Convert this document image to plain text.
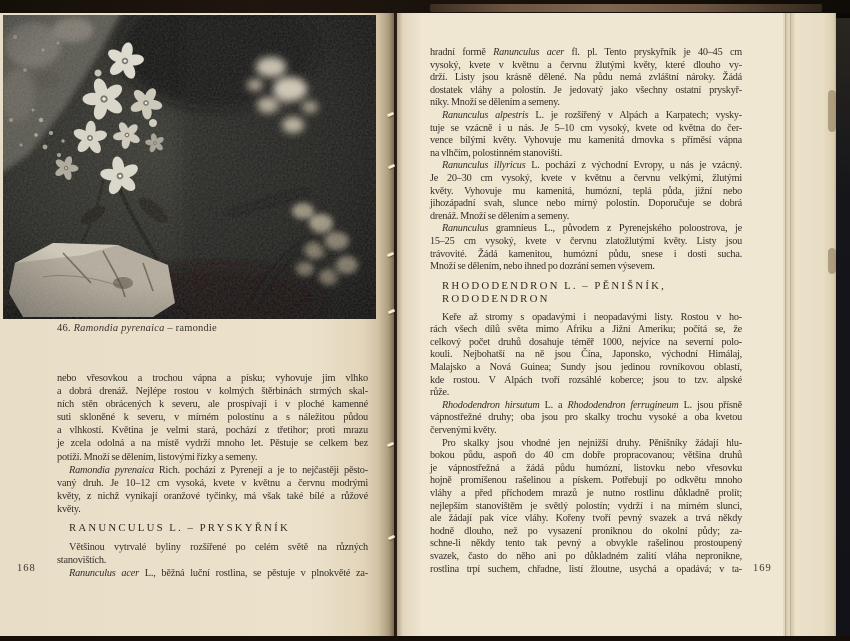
46. Ramondia pyrenaica – ramondie
nebo vřesovkou a trochou vápna a písku; vyhovuje jim vlhko
a dobrá drenáž. Nejlépe rostou v kolmých štěrbinách strmých skal-
ních stěn obrácených k severu, ale prospívají i v ploché kamenné
suti skloněné k severu, v mírném polostínu a s náležitou půdou
a vlhkostí. Květina je velmi stará, pochází z třetihor; proti mrazu
je zcela odolná a na místě vydrží mnoho let. Pěstuje se celkem bez
potíží. Množí se dělením, listovými řízky a semeny.
Ramondia pyrenaica Rich. pochází z Pyrenejí a je to nejčastěji pěsto-
vaný druh. Je 10–12 cm vysoká, kvete v květnu a červnu modrými
květy, z nichž vynikají oranžové tyčinky, má však také bílé a růžové
květy.
RANUNCULUS L. – PRYSKYŘNÍK
Většinou vytrvalé byliny rozšířené po celém světě na různých
stanovištích.
Ranunculus acer L., běžná luční rostlina, se pěstuje v plnokvěté za-
168
hradní formě Ranunculus acer fl. pl. Tento pryskyřník je 40–45 cm
vysoký, kvete v květnu a červnu žlutými květy, které dlouho vy-
drží. Listy jsou krásně dělené. Na půdu nemá zvláštní nároky. Žádá
dostatek vláhy a polostín. Je jedovatý jako všechny ostatní pryskyř-
níky. Množí se dělením a semeny.
Ranunculus alpestris L. je rozšířený v Alpách a Karpatech; vysky-
tuje se vzácně i u nás. Je 5–10 cm vysoký, kvete od května do čer-
vence bílými květy. Vyhovuje mu kamenitá drnovka s příměsí vápna
na vlhčím, polostinném stanovišti.
Ranunculus illyricus L. pochází z východní Evropy, u nás je vzácný.
Je 20–30 cm vysoký, kvete v květnu a červnu velkými, žlutými
květy. Vyhovuje mu kamenitá, humózní, teplá půda, jižní nebo
jihozápadní svah, slunce nebo mírný polostín. Doporučuje se dobrá
drenáž. Množí se dělením a semeny.
Ranunculus gramnieus L., původem z Pyrenejského poloostrova, je
15–25 cm vysoký, kvete v červnu zlatožlutými květy. Listy jsou
trávovité. Žádá kamenitou, humózní půdu, snese i dosti sucha.
Množí se dělením, nebo ihned po dozrání semen výsevem.
RHODODENDRON L. – PĚNIŠNÍK,
RODODENDRON
Keře až stromy s opadavými i neopadavými listy. Rostou v ho-
rách všech dílů světa mimo Afriku a Jižní Ameriku; počítá se, že
celkový počet druhů dosahuje téměř 1000, nejvíce na severní polo-
kouli. Nejbohatší na ně jsou Čína, Japonsko, východní Himálaj,
Malajsko a Nová Guinea; Sundy jsou jedinou rovníkovou oblastí,
kde rostou. V Alpách tvoří rozsáhlé koberce; jsou to tzv. alpské
růže.
Rhododendron hirsutum L. a Rhododendron ferrugineum L. jsou přísně
vápnostřežné druhy; oba jsou pro skalky trochu vysoké a oba kvetou
červenými květy.
Pro skalky jsou vhodné jen nejnižší druhy. Pěnišníky žádají hlu-
bokou půdu, aspoň do 40 cm dobře propracovanou; většina druhů
je vápnostřežná a žádá půdu humózní, listovku nebo vřesovku
hojně promíšenou rašelinou a pískem. Potřebují po odkvětu mnoho
vláhy a před příchodem mrazů je nutno rostlinu důkladně prolít;
nejlepším stanovištěm je světlý polostín; vydrží i na mírném slunci,
ale žádají pak více vláhy. Kořeny tvoří pevný svazek a trvá někdy
hodně dlouho, než po vysazení proniknou do okolní půdy; za-
schne-li někdy tento tak pevný a obvykle rašelinou prostoupený
svazek, často do něho ani po důkladném zalití vláha nepronikne,
rostlina trpí suchem, chřadne, listí žloutne, usychá a opadává; v ta- 169
